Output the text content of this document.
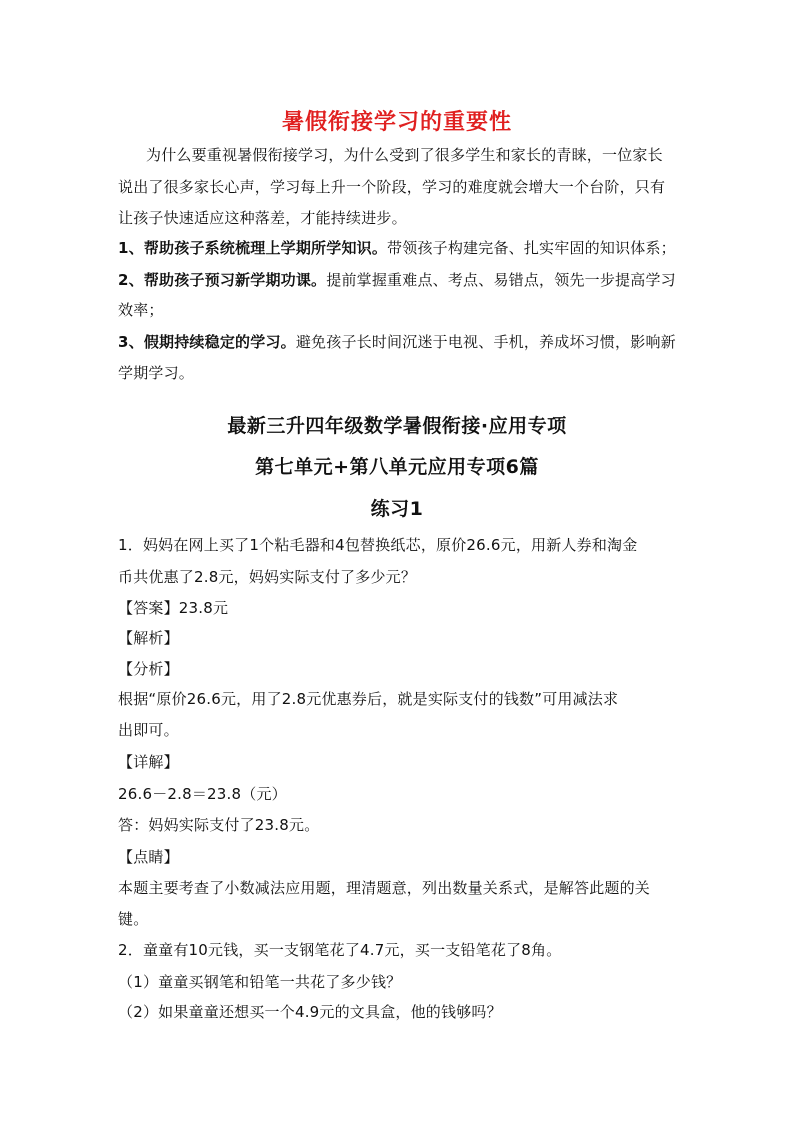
暑假衔接学习的重要性
为什么要重视暑假衔接学习，为什么受到了很多学生和家长的青睐，一位家长
说出了很多家长心声，学习每上升一个阶段，学习的难度就会增大一个台阶，只有
让孩子快速适应这种落差，才能持续进步。
1、帮助孩子系统梳理上学期所学知识。带领孩子构建完备、扎实牢固的知识体系；
2、帮助孩子预习新学期功课。提前掌握重难点、考点、易错点，领先一步提高学习
效率；
3、假期持续稳定的学习。避免孩子长时间沉迷于电视、手机，养成坏习惯，影响新
学期学习。
最新三升四年级数学暑假衔接·应用专项
第七单元+第八单元应用专项6篇
练习1
1．妈妈在网上买了1个粘毛器和4包替换纸芯，原价26.6元，用新人券和淘金
币共优惠了2.8元，妈妈实际支付了多少元？
【答案】23.8元
【解析】
【分析】
根据“原价26.6元，用了2.8元优惠券后，就是实际支付的钱数”可用减法求
出即可。
【详解】
26.6－2.8＝23.8（元）
答：妈妈实际支付了23.8元。
【点睛】
本题主要考查了小数减法应用题，理清题意，列出数量关系式，是解答此题的关
键。
2．童童有10元钱，买一支钢笔花了4.7元，买一支铅笔花了8角。
（1）童童买钢笔和铅笔一共花了多少钱？
（2）如果童童还想买一个4.9元的文具盒，他的钱够吗？
